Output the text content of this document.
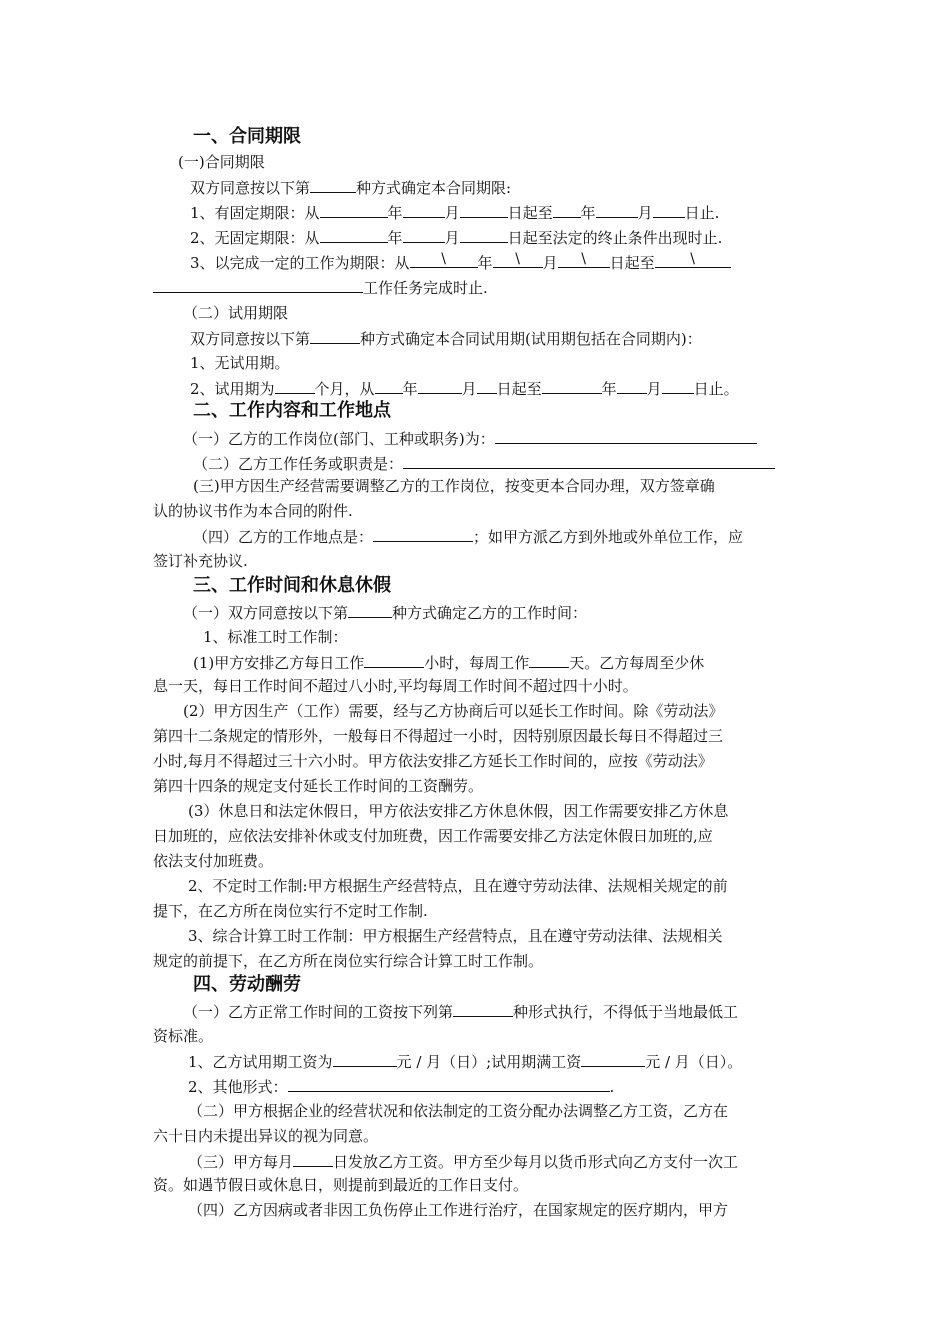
一、合同期限
(一)合同期限
双方同意按以下第	种方式确定本合同期限:
1、有固定期限：从	年	月	日起至 年	月 日止.
2、无固定期限：从	年	月	日起至法定的终止条件出现时止.
3、以完成一定的工作为期限：从	\	年	\	月	\	日起至	\
工作任务完成时止.
（二）试用期限
双方同意按以下第	种方式确定本合同试用期(试用期包括在合同期内)：
1、无试用期。
2、试用期为	个月，从 年	月 日起至	年 月 日止。
二、工作内容和工作地点
（一）乙方的工作岗位(部门、工种或职务)为：
（二）乙方工作任务或职责是：
(三)甲方因生产经营需要调整乙方的工作岗位，按变更本合同办理，双方签章确
认的协议书作为本合同的附件.
（四）乙方的工作地点是：	；如甲方派乙方到外地或外单位工作，应
签订补充协议.
三、工作时间和休息休假
（一）双方同意按以下第	种方式确定乙方的工作时间：
1、标准工时工作制：
(1)甲方安排乙方每日工作	小时，每周工作	天。乙方每周至少休
息一天，每日工作时间不超过八小时,平均每周工作时间不超过四十小时。
(2）甲方因生产（工作）需要，经与乙方协商后可以延长工作时间。除《劳动法》
第四十二条规定的情形外，一般每日不得超过一小时，因特别原因最长每日不得超过三
小时,每月不得超过三十六小时。甲方依法安排乙方延长工作时间的，应按《劳动法》
第四十四条的规定支付延长工作时间的工资酬劳。
(3）休息日和法定休假日，甲方依法安排乙方休息休假，因工作需要安排乙方休息
日加班的，应依法安排补休或支付加班费，因工作需要安排乙方法定休假日加班的,应
依法支付加班费。
2、不定时工作制:甲方根据生产经营特点，且在遵守劳动法律、法规相关规定的前
提下，在乙方所在岗位实行不定时工作制.
3、综合计算工时工作制：甲方根据生产经营特点，且在遵守劳动法律、法规相关
规定的前提下，在乙方所在岗位实行综合计算工时工作制。
四、劳动酬劳
（一）乙方正常工作时间的工资按下列第	种形式执行，不得低于当地最低工
资标准。
1、乙方试用期工资为	元 / 月（日）;试用期满工资	元 / 月（日）。
2、其他形式：	.
（二）甲方根据企业的经营状况和依法制定的工资分配办法调整乙方工资，乙方在
六十日内未提出异议的视为同意。
（三）甲方每月	日发放乙方工资。甲方至少每月以货币形式向乙方支付一次工
资。如遇节假日或休息日，则提前到最近的工作日支付。
（四）乙方因病或者非因工负伤停止工作进行治疗，在国家规定的医疗期内，甲方
